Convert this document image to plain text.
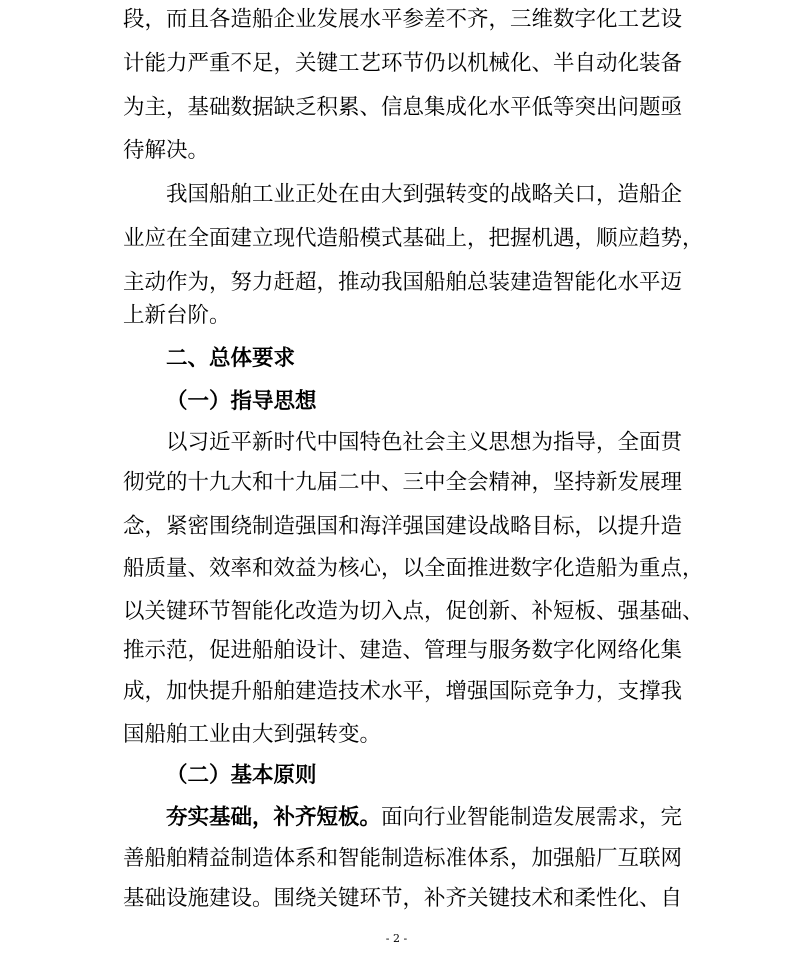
段，而且各造船企业发展水平参差不齐，三维数字化工艺设
计能力严重不足，关键工艺环节仍以机械化、半自动化装备
为主，基础数据缺乏积累、信息集成化水平低等突出问题亟
待解决。
我国船舶工业正处在由大到强转变的战略关口，造船企
业应在全面建立现代造船模式基础上，把握机遇，顺应趋势，
主动作为，努力赶超，推动我国船舶总装建造智能化水平迈
上新台阶。
二、总体要求
（一）指导思想
以习近平新时代中国特色社会主义思想为指导，全面贯
彻党的十九大和十九届二中、三中全会精神，坚持新发展理
念，紧密围绕制造强国和海洋强国建设战略目标，以提升造
船质量、效率和效益为核心，以全面推进数字化造船为重点，
以关键环节智能化改造为切入点，促创新、补短板、强基础、
推示范，促进船舶设计、建造、管理与服务数字化网络化集
成，加快提升船舶建造技术水平，增强国际竞争力，支撑我
国船舶工业由大到强转变。
（二）基本原则
夯实基础，补齐短板。面向行业智能制造发展需求，完
善船舶精益制造体系和智能制造标准体系，加强船厂互联网
基础设施建设。围绕关键环节，补齐关键技术和柔性化、自
- 2 -
